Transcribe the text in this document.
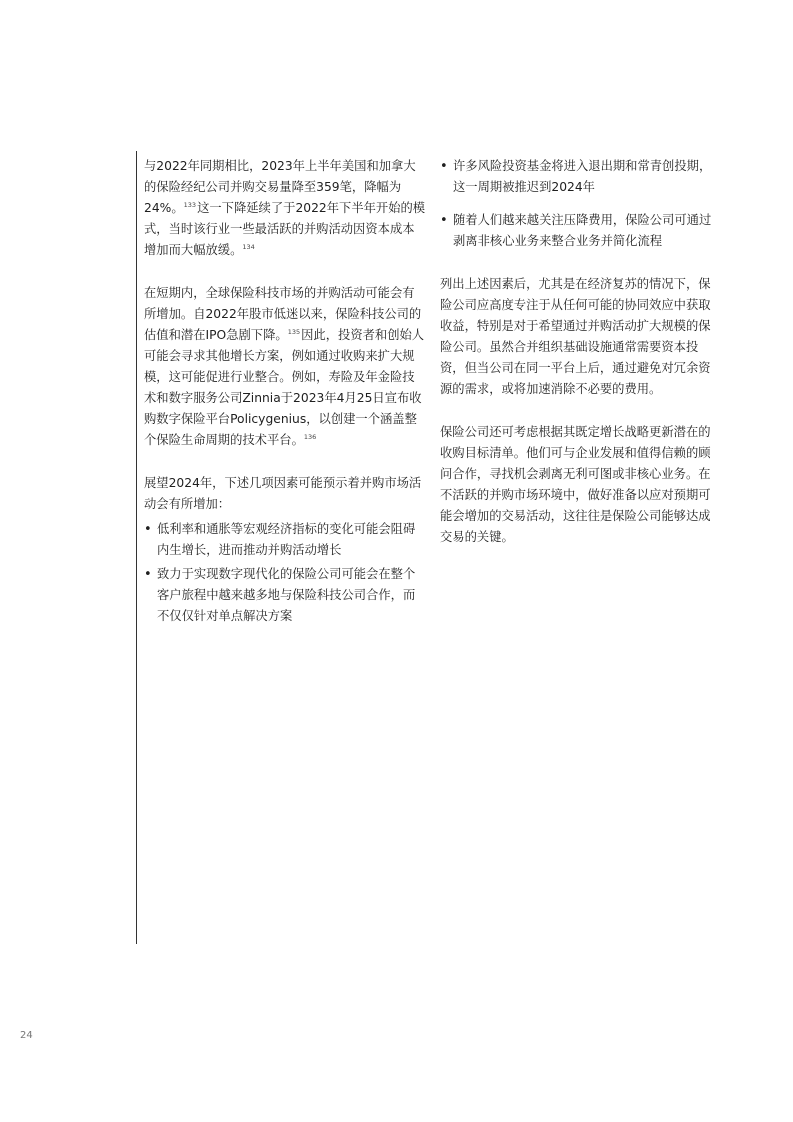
与2022年同期相比，2023年上半年美国和加拿大的保险经纪公司并购交易量降至359笔，降幅为24%。$^{133}$这一下降延续了于2022年下半年开始的模式，当时该行业一些最活跃的并购活动因资本成本增加而大幅放缓。$^{134}$

在短期内，全球保险科技市场的并购活动可能会有所增加。自2022年股市低迷以来，保险科技公司的估值和潜在IPO急剧下降。$^{135}$因此，投资者和创始人可能会寻求其他增长方案，例如通过收购来扩大规模，这可能促进行业整合。例如，寿险及年金险技术和数字服务公司Zinnia于2023年4月25日宣布收购数字保险平台Policygenius，以创建一个涵盖整个保险生命周期的技术平台。$^{136}$

展望2024年，下述几项因素可能预示着并购市场活动会有所增加：

• 低利率和通胀等宏观经济指标的变化可能会阻碍内生增长，进而推动并购活动增长
• 致力于实现数字现代化的保险公司可能会在整个客户旅程中越来越多地与保险科技公司合作，而不仅仅针对单点解决方案
• 许多风险投资基金将进入退出期和常青创投期，这一周期被推迟到2024年
• 随着人们越来越关注压降费用，保险公司可通过剥离非核心业务来整合业务并简化流程

列出上述因素后，尤其是在经济复苏的情况下，保险公司应高度专注于从任何可能的协同效应中获取收益，特别是对于希望通过并购活动扩大规模的保险公司。虽然合并组织基础设施通常需要资本投资，但当公司在同一平台上后，通过避免对冗余资源的需求，或将加速消除不必要的费用。

保险公司还可考虑根据其既定增长战略更新潜在的收购目标清单。他们可与企业发展和值得信赖的顾问合作，寻找机会剥离无利可图或非核心业务。在不活跃的并购市场环境中，做好准备以应对预期可能会增加的交易活动，这往往是保险公司能够达成交易的关键。

24
